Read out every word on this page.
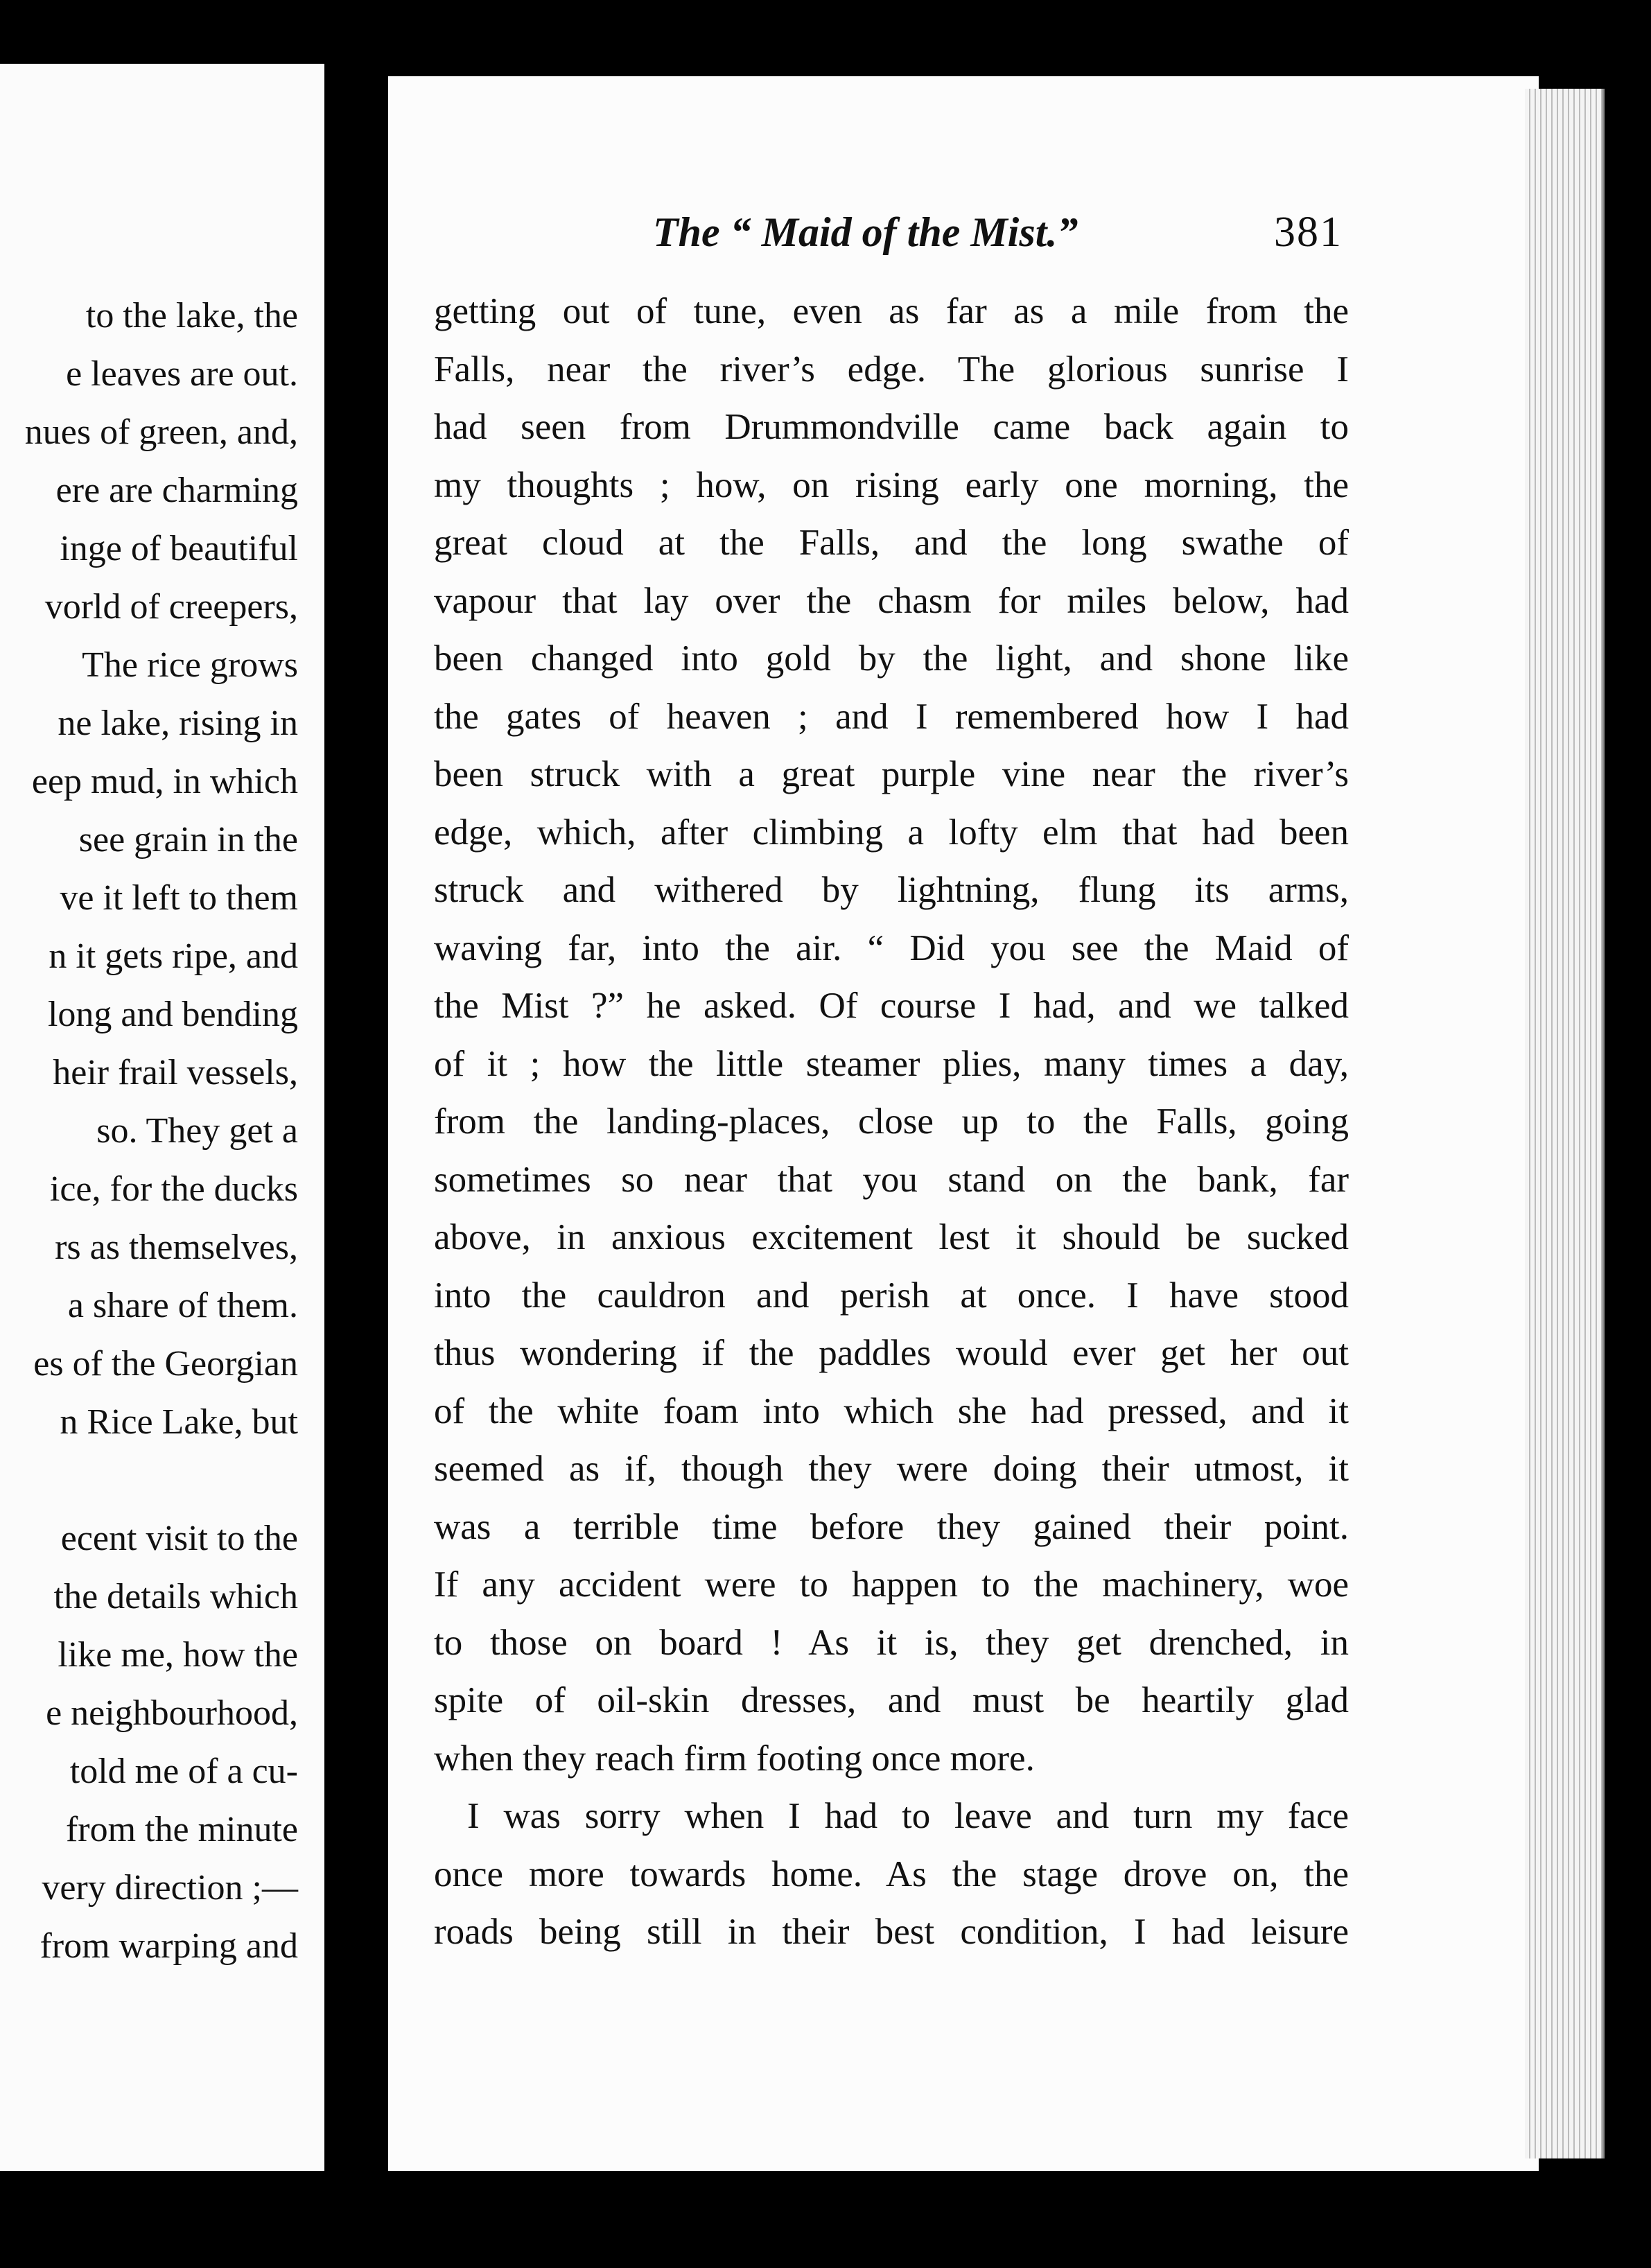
to the lake, the
e leaves are out.
nues of green, and,
ere are charming
inge of beautiful
vorld of creepers,
The rice grows
ne lake, rising in
eep mud, in which
see grain in the
ve it left to them
n it gets ripe, and
long and bending
heir frail vessels,
so. They get a
ice, for the ducks
rs as themselves,
a share of them.
es of the Georgian
n Rice Lake, but
ecent visit to the
the details which
like me, how the
e neighbourhood,
told me of a cu-
from the minute
very direction ;—
from warping and
The “ Maid of the Mist.”	381
getting out of tune, even as far as a mile from the
Falls, near the river’s edge. The glorious sunrise I
had seen from Drummondville came back again to
my thoughts ; how, on rising early one morning, the
great cloud at the Falls, and the long swathe of
vapour that lay over the chasm for miles below, had
been changed into gold by the light, and shone like
the gates of heaven ; and I remembered how I had
been struck with a great purple vine near the river’s
edge, which, after climbing a lofty elm that had been
struck and withered by lightning, flung its arms,
waving far, into the air. “ Did you see the Maid of
the Mist ?” he asked. Of course I had, and we talked
of it ; how the little steamer plies, many times a day,
from the landing-places, close up to the Falls, going
sometimes so near that you stand on the bank, far
above, in anxious excitement lest it should be sucked
into the cauldron and perish at once. I have stood
thus wondering if the paddles would ever get her out
of the white foam into which she had pressed, and it
seemed as if, though they were doing their utmost, it
was a terrible time before they gained their point.
If any accident were to happen to the machinery, woe
to those on board ! As it is, they get drenched, in
spite of oil-skin dresses, and must be heartily glad
when they reach firm footing once more.
I was sorry when I had to leave and turn my face
once more towards home. As the stage drove on, the
roads being still in their best condition, I had leisure
